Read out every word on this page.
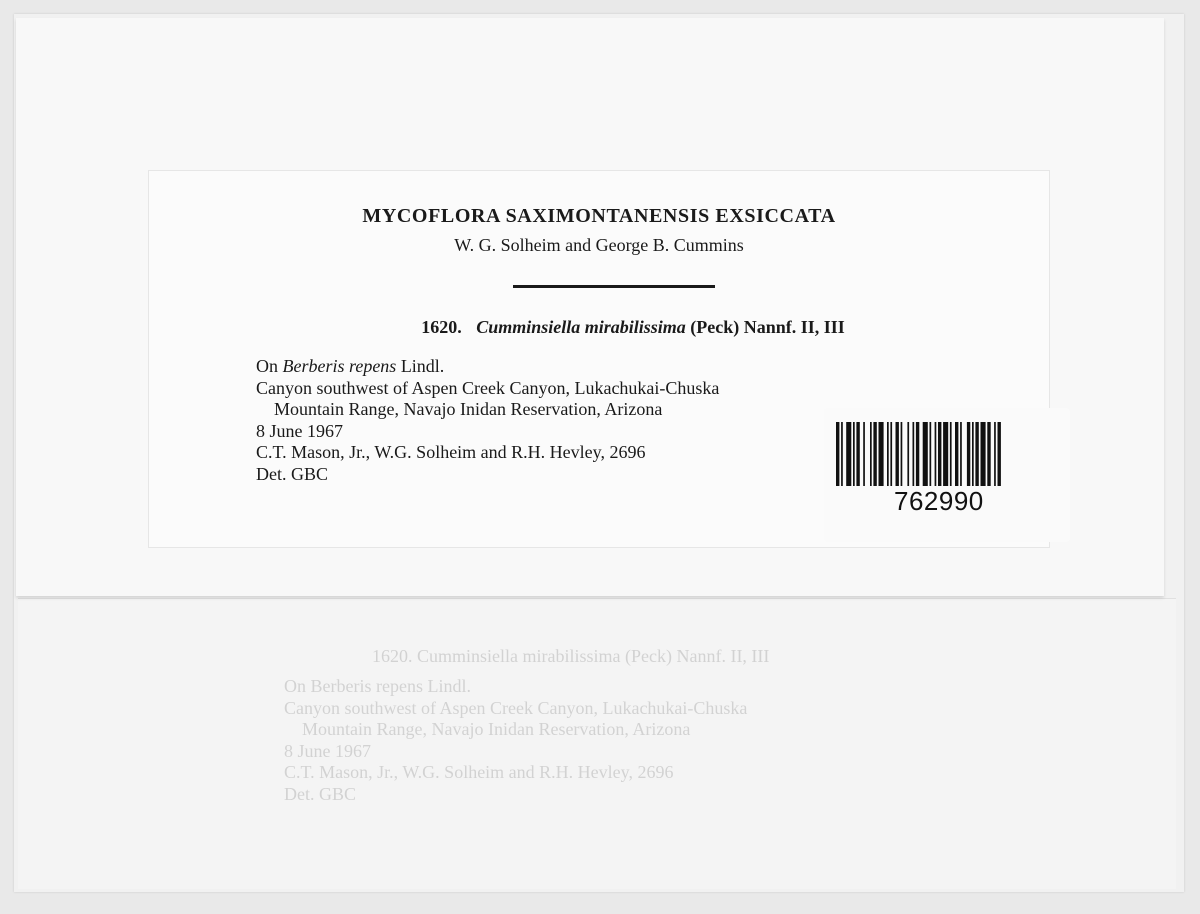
1620. Cumminsiella mirabilissima (Peck) Nannf. II, III
On Berberis repens Lindl.
Canyon southwest of Aspen Creek Canyon, Lukachukai-Chuska
Mountain Range, Navajo Inidan Reservation, Arizona
8 June 1967
C.T. Mason, Jr., W.G. Solheim and R.H. Hevley, 2696
Det. GBC
MYCOFLORA SAXIMONTANENSIS EXSICCATA
W. G. Solheim and George B. Cummins
1620. Cumminsiella mirabilissima (Peck) Nannf. II, III
On Berberis repens Lindl.
Canyon southwest of Aspen Creek Canyon, Lukachukai-Chuska
Mountain Range, Navajo Inidan Reservation, Arizona
8 June 1967
C.T. Mason, Jr., W.G. Solheim and R.H. Hevley, 2696
Det. GBC
762990
